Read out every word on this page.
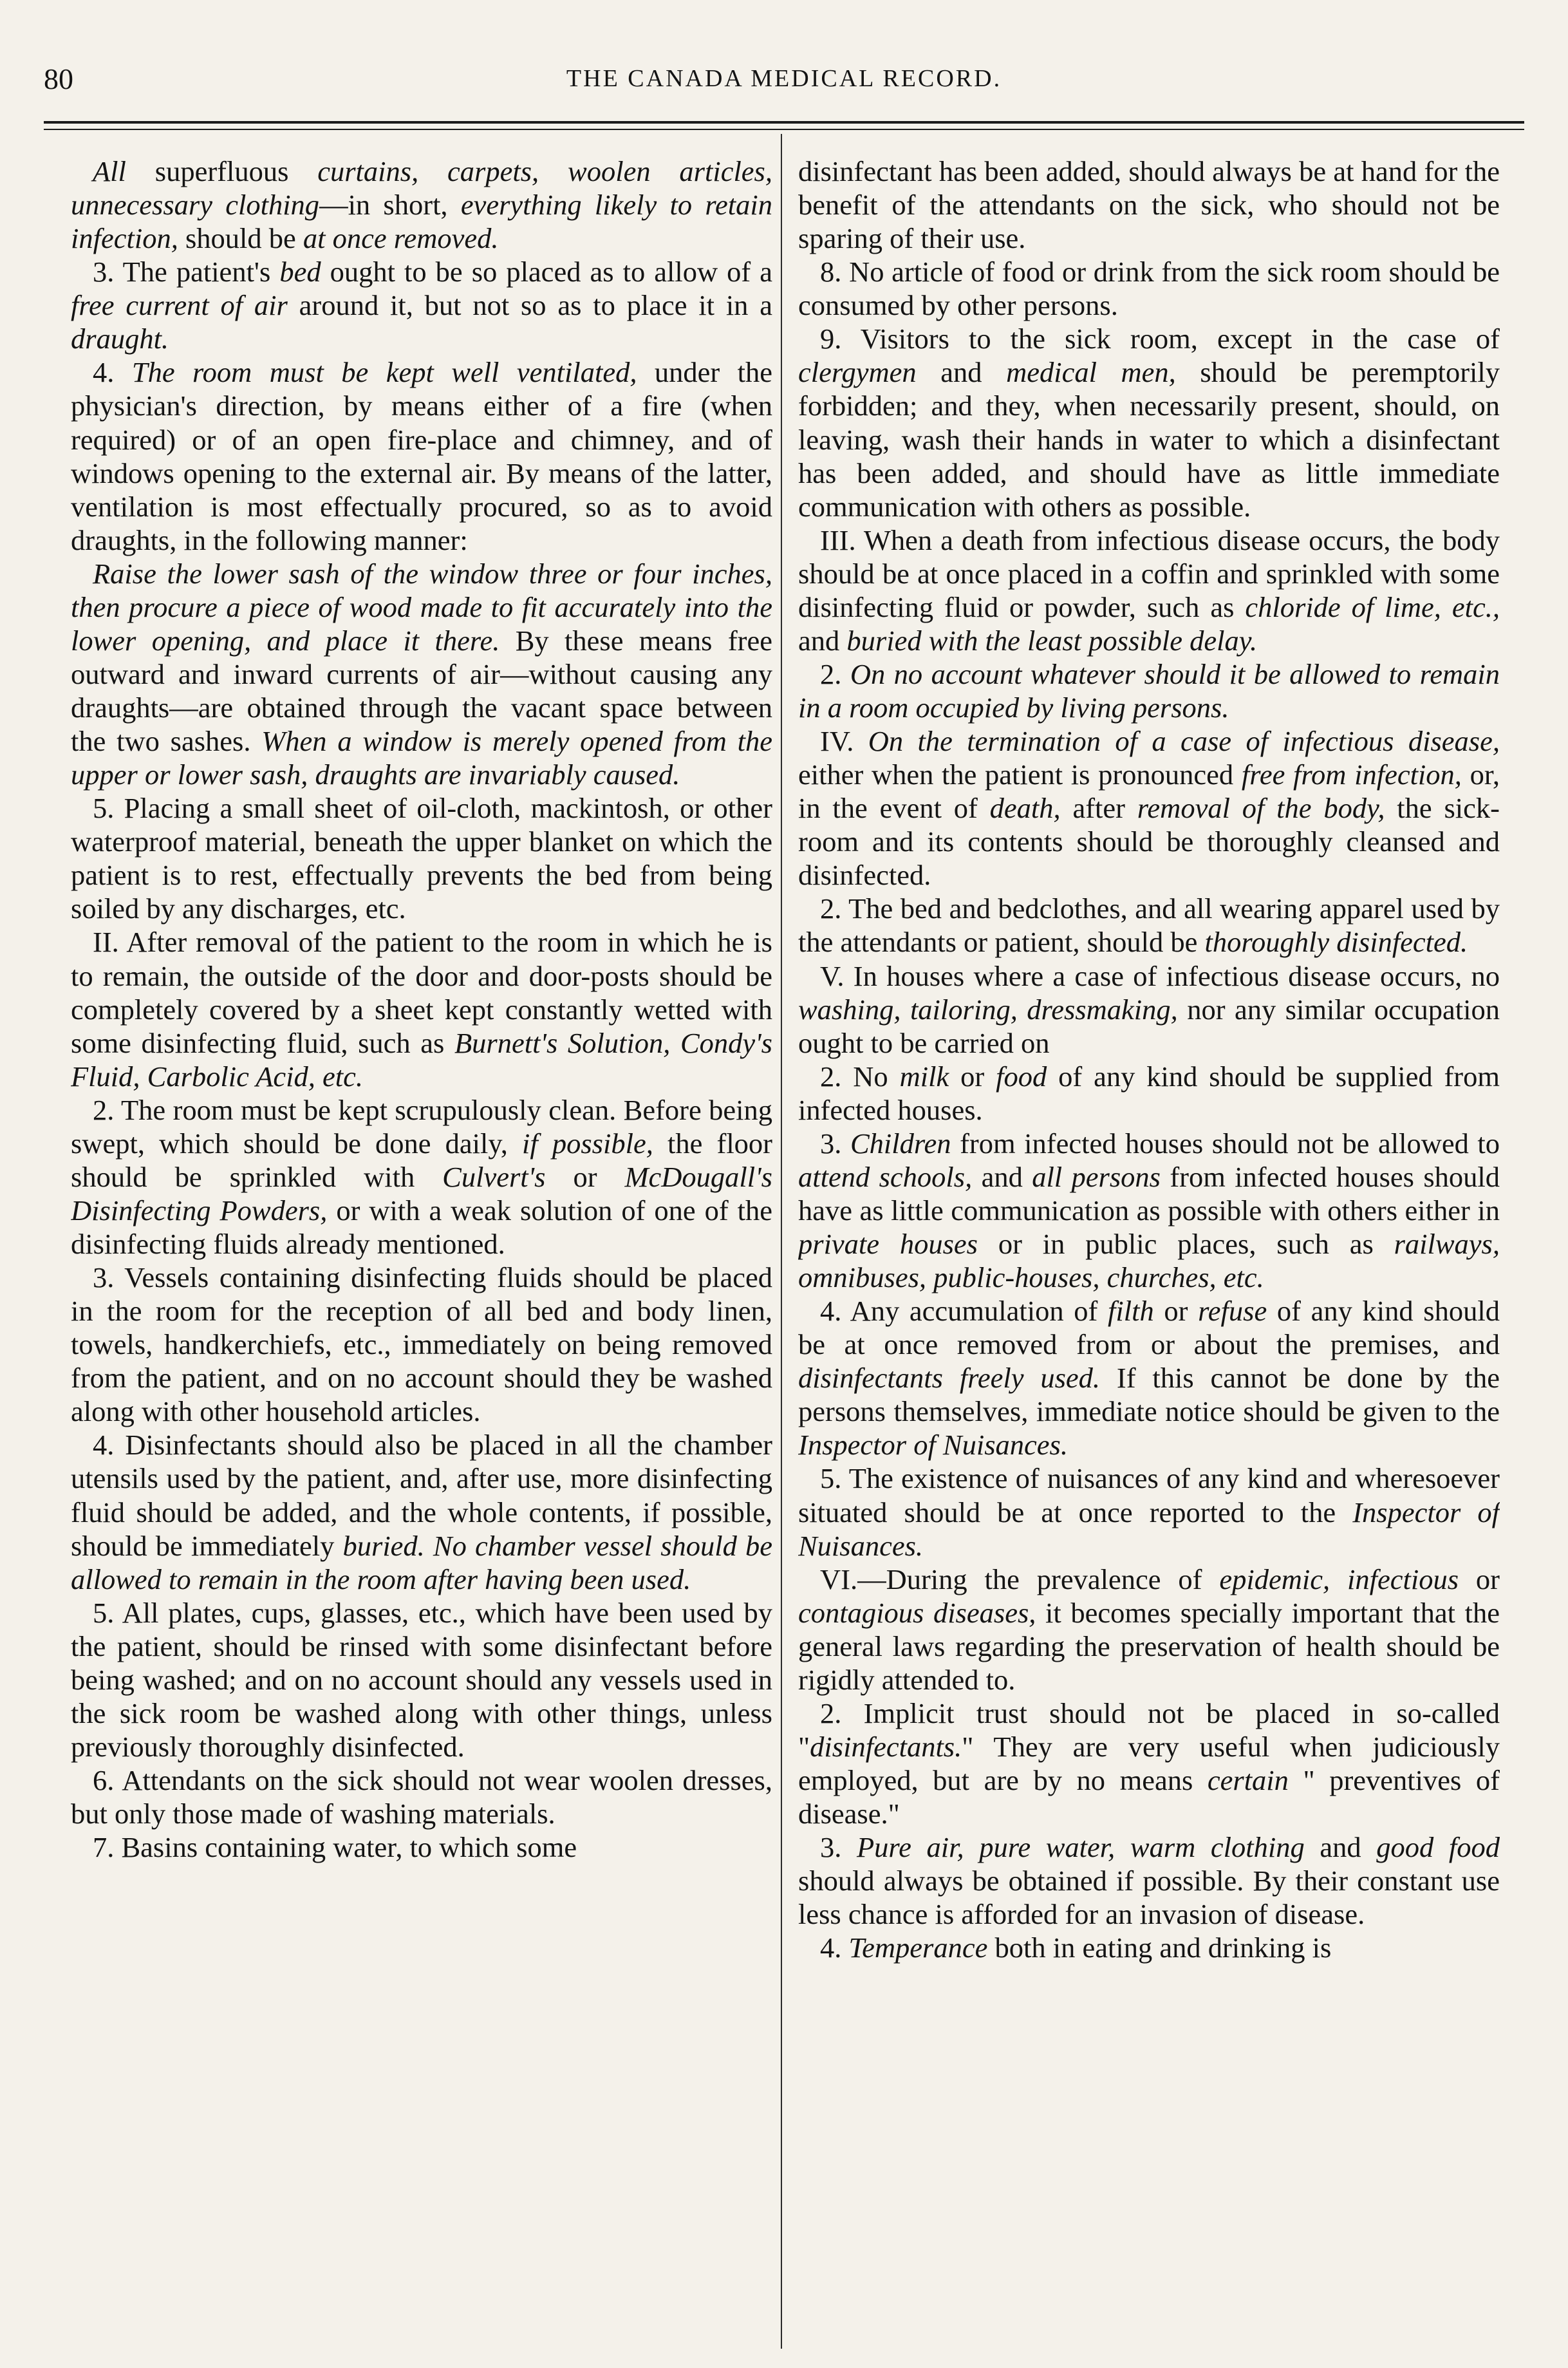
80	THE CANADA MEDICAL RECORD.

All superfluous curtains, carpets, woolen articles, unnecessary clothing—in short, everything likely to retain infection, should be at once removed.

3. The patient's bed ought to be so placed as to allow of a free current of air around it, but not so as to place it in a draught.

4. The room must be kept well ventilated, under the physician's direction, by means either of a fire (when required) or of an open fire-place and chimney, and of windows opening to the external air. By means of the latter, ventilation is most effectually procured, so as to avoid draughts, in the following manner:

Raise the lower sash of the window three or four inches, then procure a piece of wood made to fit accurately into the lower opening, and place it there. By these means free outward and inward currents of air—without causing any draughts—are obtained through the vacant space between the two sashes. When a window is merely opened from the upper or lower sash, draughts are invariably caused.

5. Placing a small sheet of oil-cloth, mackintosh, or other waterproof material, beneath the upper blanket on which the patient is to rest, effectually prevents the bed from being soiled by any discharges, etc.

II. After removal of the patient to the room in which he is to remain, the outside of the door and door-posts should be completely covered by a sheet kept constantly wetted with some disinfecting fluid, such as Burnett's Solution, Condy's Fluid, Carbolic Acid, etc.

2. The room must be kept scrupulously clean. Before being swept, which should be done daily, if possible, the floor should be sprinkled with Culvert's or McDougall's Disinfecting Powders, or with a weak solution of one of the disinfecting fluids already mentioned.

3. Vessels containing disinfecting fluids should be placed in the room for the reception of all bed and body linen, towels, handkerchiefs, etc., immediately on being removed from the patient, and on no account should they be washed along with other household articles.

4. Disinfectants should also be placed in all the chamber utensils used by the patient, and, after use, more disinfecting fluid should be added, and the whole contents, if possible, should be immediately buried. No chamber vessel should be allowed to remain in the room after having been used.

5. All plates, cups, glasses, etc., which have been used by the patient, should be rinsed with some disinfectant before being washed; and on no account should any vessels used in the sick room be washed along with other things, unless previously thoroughly disinfected.

6. Attendants on the sick should not wear woolen dresses, but only those made of washing materials.

7. Basins containing water, to which some

disinfectant has been added, should always be at hand for the benefit of the attendants on the sick, who should not be sparing of their use.

8. No article of food or drink from the sick room should be consumed by other persons.

9. Visitors to the sick room, except in the case of clergymen and medical men, should be peremptorily forbidden; and they, when necessarily present, should, on leaving, wash their hands in water to which a disinfectant has been added, and should have as little immediate communication with others as possible.

III. When a death from infectious disease occurs, the body should be at once placed in a coffin and sprinkled with some disinfecting fluid or powder, such as chloride of lime, etc., and buried with the least possible delay.

2. On no account whatever should it be allowed to remain in a room occupied by living persons.

IV. On the termination of a case of infectious disease, either when the patient is pronounced free from infection, or, in the event of death, after removal of the body, the sick-room and its contents should be thoroughly cleansed and disinfected.

2. The bed and bedclothes, and all wearing apparel used by the attendants or patient, should be thoroughly disinfected.

V. In houses where a case of infectious disease occurs, no washing, tailoring, dressmaking, nor any similar occupation ought to be carried on

2. No milk or food of any kind should be supplied from infected houses.

3. Children from infected houses should not be allowed to attend schools, and all persons from infected houses should have as little communication as possible with others either in private houses or in public places, such as railways, omnibuses, public-houses, churches, etc.

4. Any accumulation of filth or refuse of any kind should be at once removed from or about the premises, and disinfectants freely used. If this cannot be done by the persons themselves, immediate notice should be given to the Inspector of Nuisances.

5. The existence of nuisances of any kind and wheresoever situated should be at once reported to the Inspector of Nuisances.

VI.—During the prevalence of epidemic, infectious or contagious diseases, it becomes specially important that the general laws regarding the preservation of health should be rigidly attended to.

2. Implicit trust should not be placed in so-called "disinfectants." They are very useful when judiciously employed, but are by no means certain " preventives of disease."

3. Pure air, pure water, warm clothing and good food should always be obtained if possible. By their constant use less chance is afforded for an invasion of disease.

4. Temperance both in eating and drinking is
